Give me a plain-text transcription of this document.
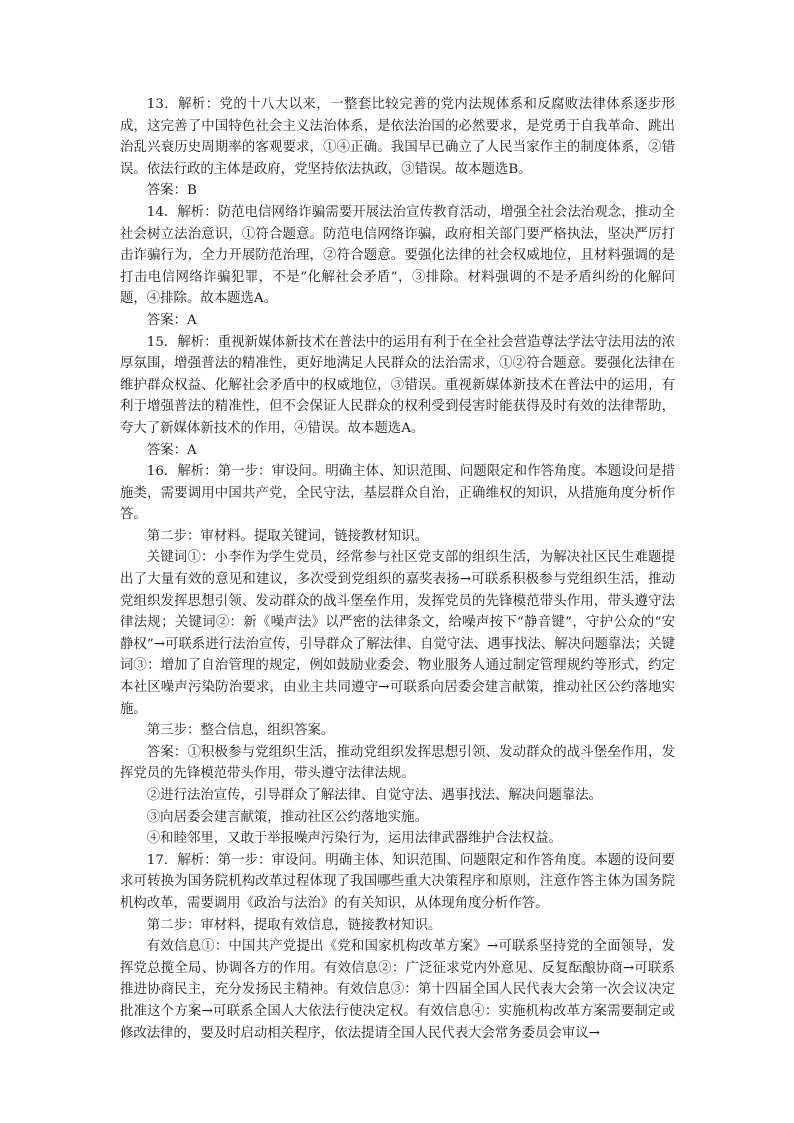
13．解析：党的十八大以来，一整套比较完善的党内法规体系和反腐败法律体系逐步形成，这完善了中国特色社会主义法治体系，是依法治国的必然要求，是党勇于自我革命、跳出治乱兴衰历史周期率的客观要求，①④正确。我国早已确立了人民当家作主的制度体系，②错误。依法行政的主体是政府，党坚持依法执政，③错误。故本题选B。

答案：B

14．解析：防范电信网络诈骗需要开展法治宣传教育活动，增强全社会法治观念，推动全社会树立法治意识，①符合题意。防范电信网络诈骗，政府相关部门要严格执法，坚决严厉打击诈骗行为，全力开展防范治理，②符合题意。要强化法律的社会权威地位，且材料强调的是打击电信网络诈骗犯罪，不是“化解社会矛盾”，③排除。材料强调的不是矛盾纠纷的化解问题，④排除。故本题选A。

答案：A

15．解析：重视新媒体新技术在普法中的运用有利于在全社会营造尊法学法守法用法的浓厚氛围，增强普法的精准性，更好地满足人民群众的法治需求，①②符合题意。要强化法律在维护群众权益、化解社会矛盾中的权威地位，③错误。重视新媒体新技术在普法中的运用，有利于增强普法的精准性，但不会保证人民群众的权利受到侵害时能获得及时有效的法律帮助，夸大了新媒体新技术的作用，④错误。故本题选A。

答案：A

16．解析：第一步：审设问。明确主体、知识范围、问题限定和作答角度。本题设问是措施类，需要调用中国共产党，全民守法，基层群众自治，正确维权的知识，从措施角度分析作答。

第二步：审材料。提取关键词，链接教材知识。

关键词①：小李作为学生党员，经常参与社区党支部的组织生活，为解决社区民生难题提出了大量有效的意见和建议，多次受到党组织的嘉奖表扬→可联系积极参与党组织生活，推动党组织发挥思想引领、发动群众的战斗堡垒作用，发挥党员的先锋模范带头作用，带头遵守法律法规；关键词②：新《噪声法》以严密的法律条文，给噪声按下“静音键”，守护公众的“安静权”→可联系进行法治宣传，引导群众了解法律、自觉守法、遇事找法、解决问题靠法；关键词③：增加了自治管理的规定，例如鼓励业委会、物业服务人通过制定管理规约等形式，约定本社区噪声污染防治要求，由业主共同遵守→可联系向居委会建言献策，推动社区公约落地实施。

第三步：整合信息，组织答案。

答案：①积极参与党组织生活，推动党组织发挥思想引领、发动群众的战斗堡垒作用，发挥党员的先锋模范带头作用，带头遵守法律法规。

②进行法治宣传，引导群众了解法律、自觉守法、遇事找法、解决问题靠法。

③向居委会建言献策，推动社区公约落地实施。

④和睦邻里，又敢于举报噪声污染行为，运用法律武器维护合法权益。

17．解析：第一步：审设问。明确主体、知识范围、问题限定和作答角度。本题的设问要求可转换为国务院机构改革过程体现了我国哪些重大决策程序和原则，注意作答主体为国务院机构改革，需要调用《政治与法治》的有关知识，从体现角度分析作答。

第二步：审材料，提取有效信息，链接教材知识。

有效信息①：中国共产党提出《党和国家机构改革方案》→可联系坚持党的全面领导，发挥党总揽全局、协调各方的作用。有效信息②：广泛征求党内外意见、反复酝酿协商→可联系推进协商民主，充分发扬民主精神。有效信息③：第十四届全国人民代表大会第一次会议决定批准这个方案→可联系全国人大依法行使决定权。有效信息④：实施机构改革方案需要制定或修改法律的，要及时启动相关程序，依法提请全国人民代表大会常务委员会审议→
